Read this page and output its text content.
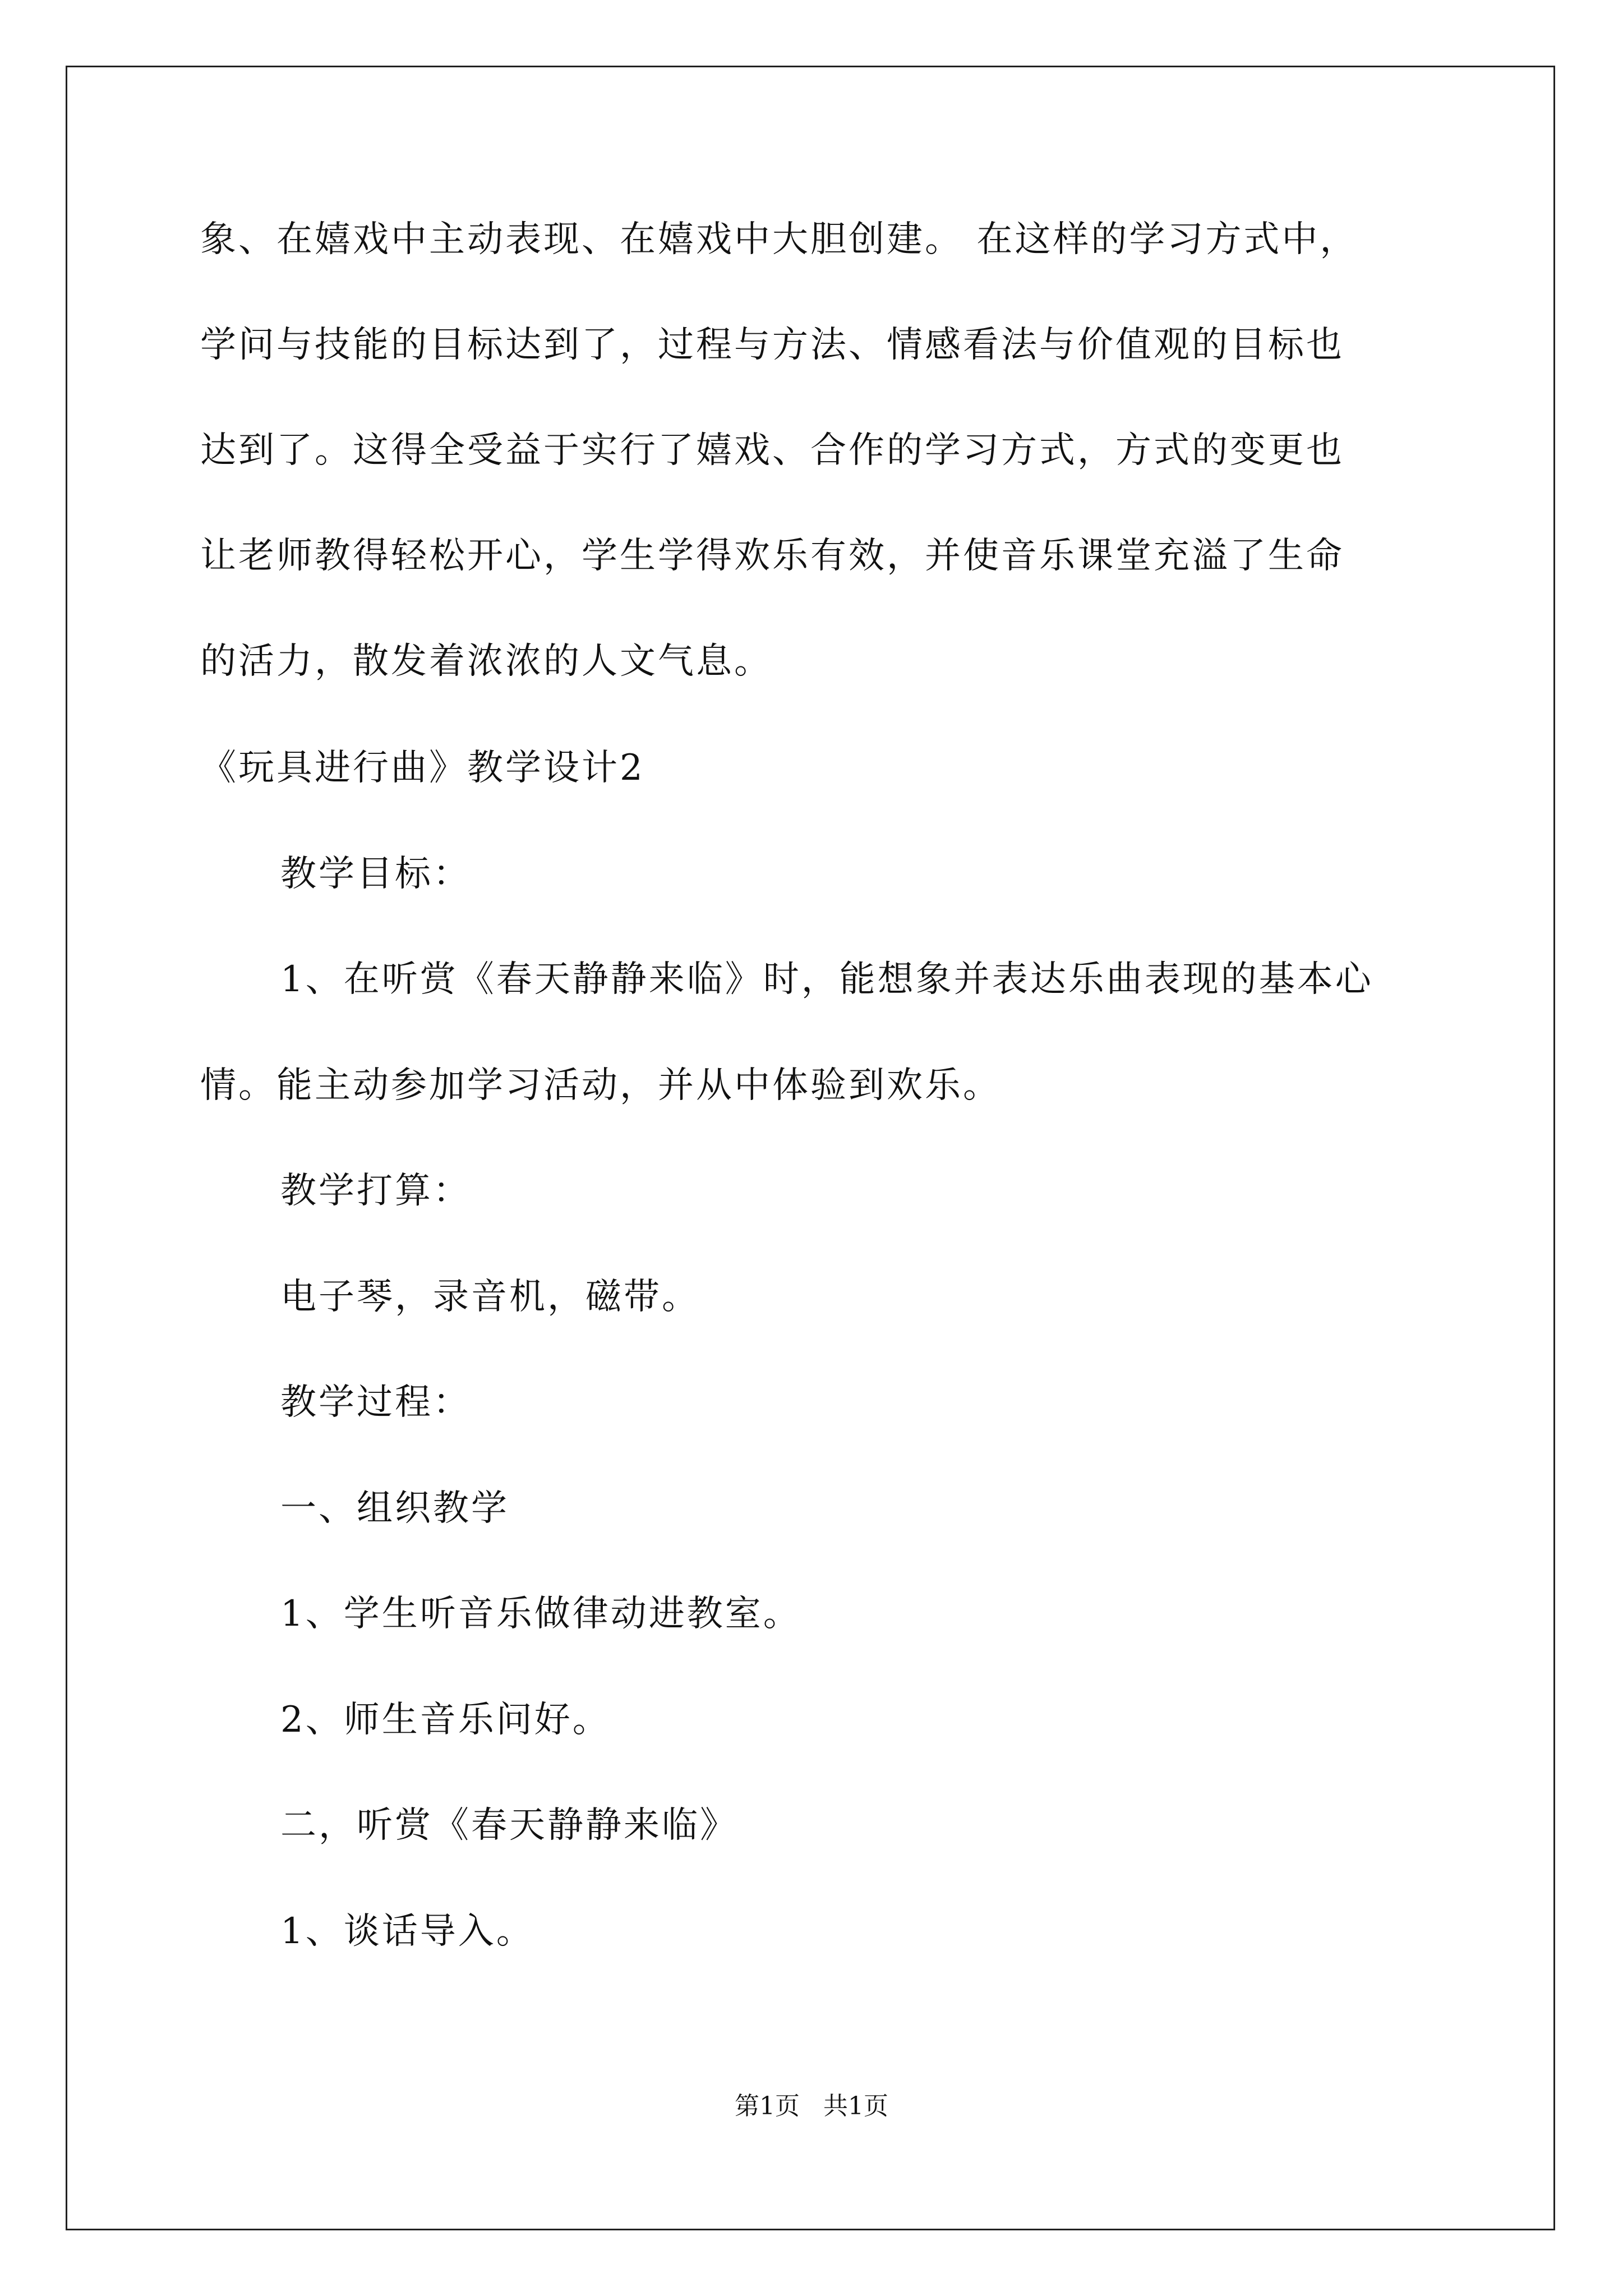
象、在嬉戏中主动表现、在嬉戏中大胆创建。 在这样的学习方式中，
学问与技能的目标达到了，过程与方法、情感看法与价值观的目标也
达到了。这得全受益于实行了嬉戏、合作的学习方式，方式的变更也
让老师教得轻松开心，学生学得欢乐有效，并使音乐课堂充溢了生命
的活力，散发着浓浓的人文气息。
《玩具进行曲》教学设计2
教学目标：
1、在听赏《春天静静来临》时，能想象并表达乐曲表现的基本心
情。能主动参加学习活动，并从中体验到欢乐。
教学打算：
电子琴，录音机，磁带。
教学过程：
一、组织教学
1、学生听音乐做律动进教室。
2、师生音乐问好。
二，听赏《春天静静来临》
1、谈话导入。
第1页   共1页
